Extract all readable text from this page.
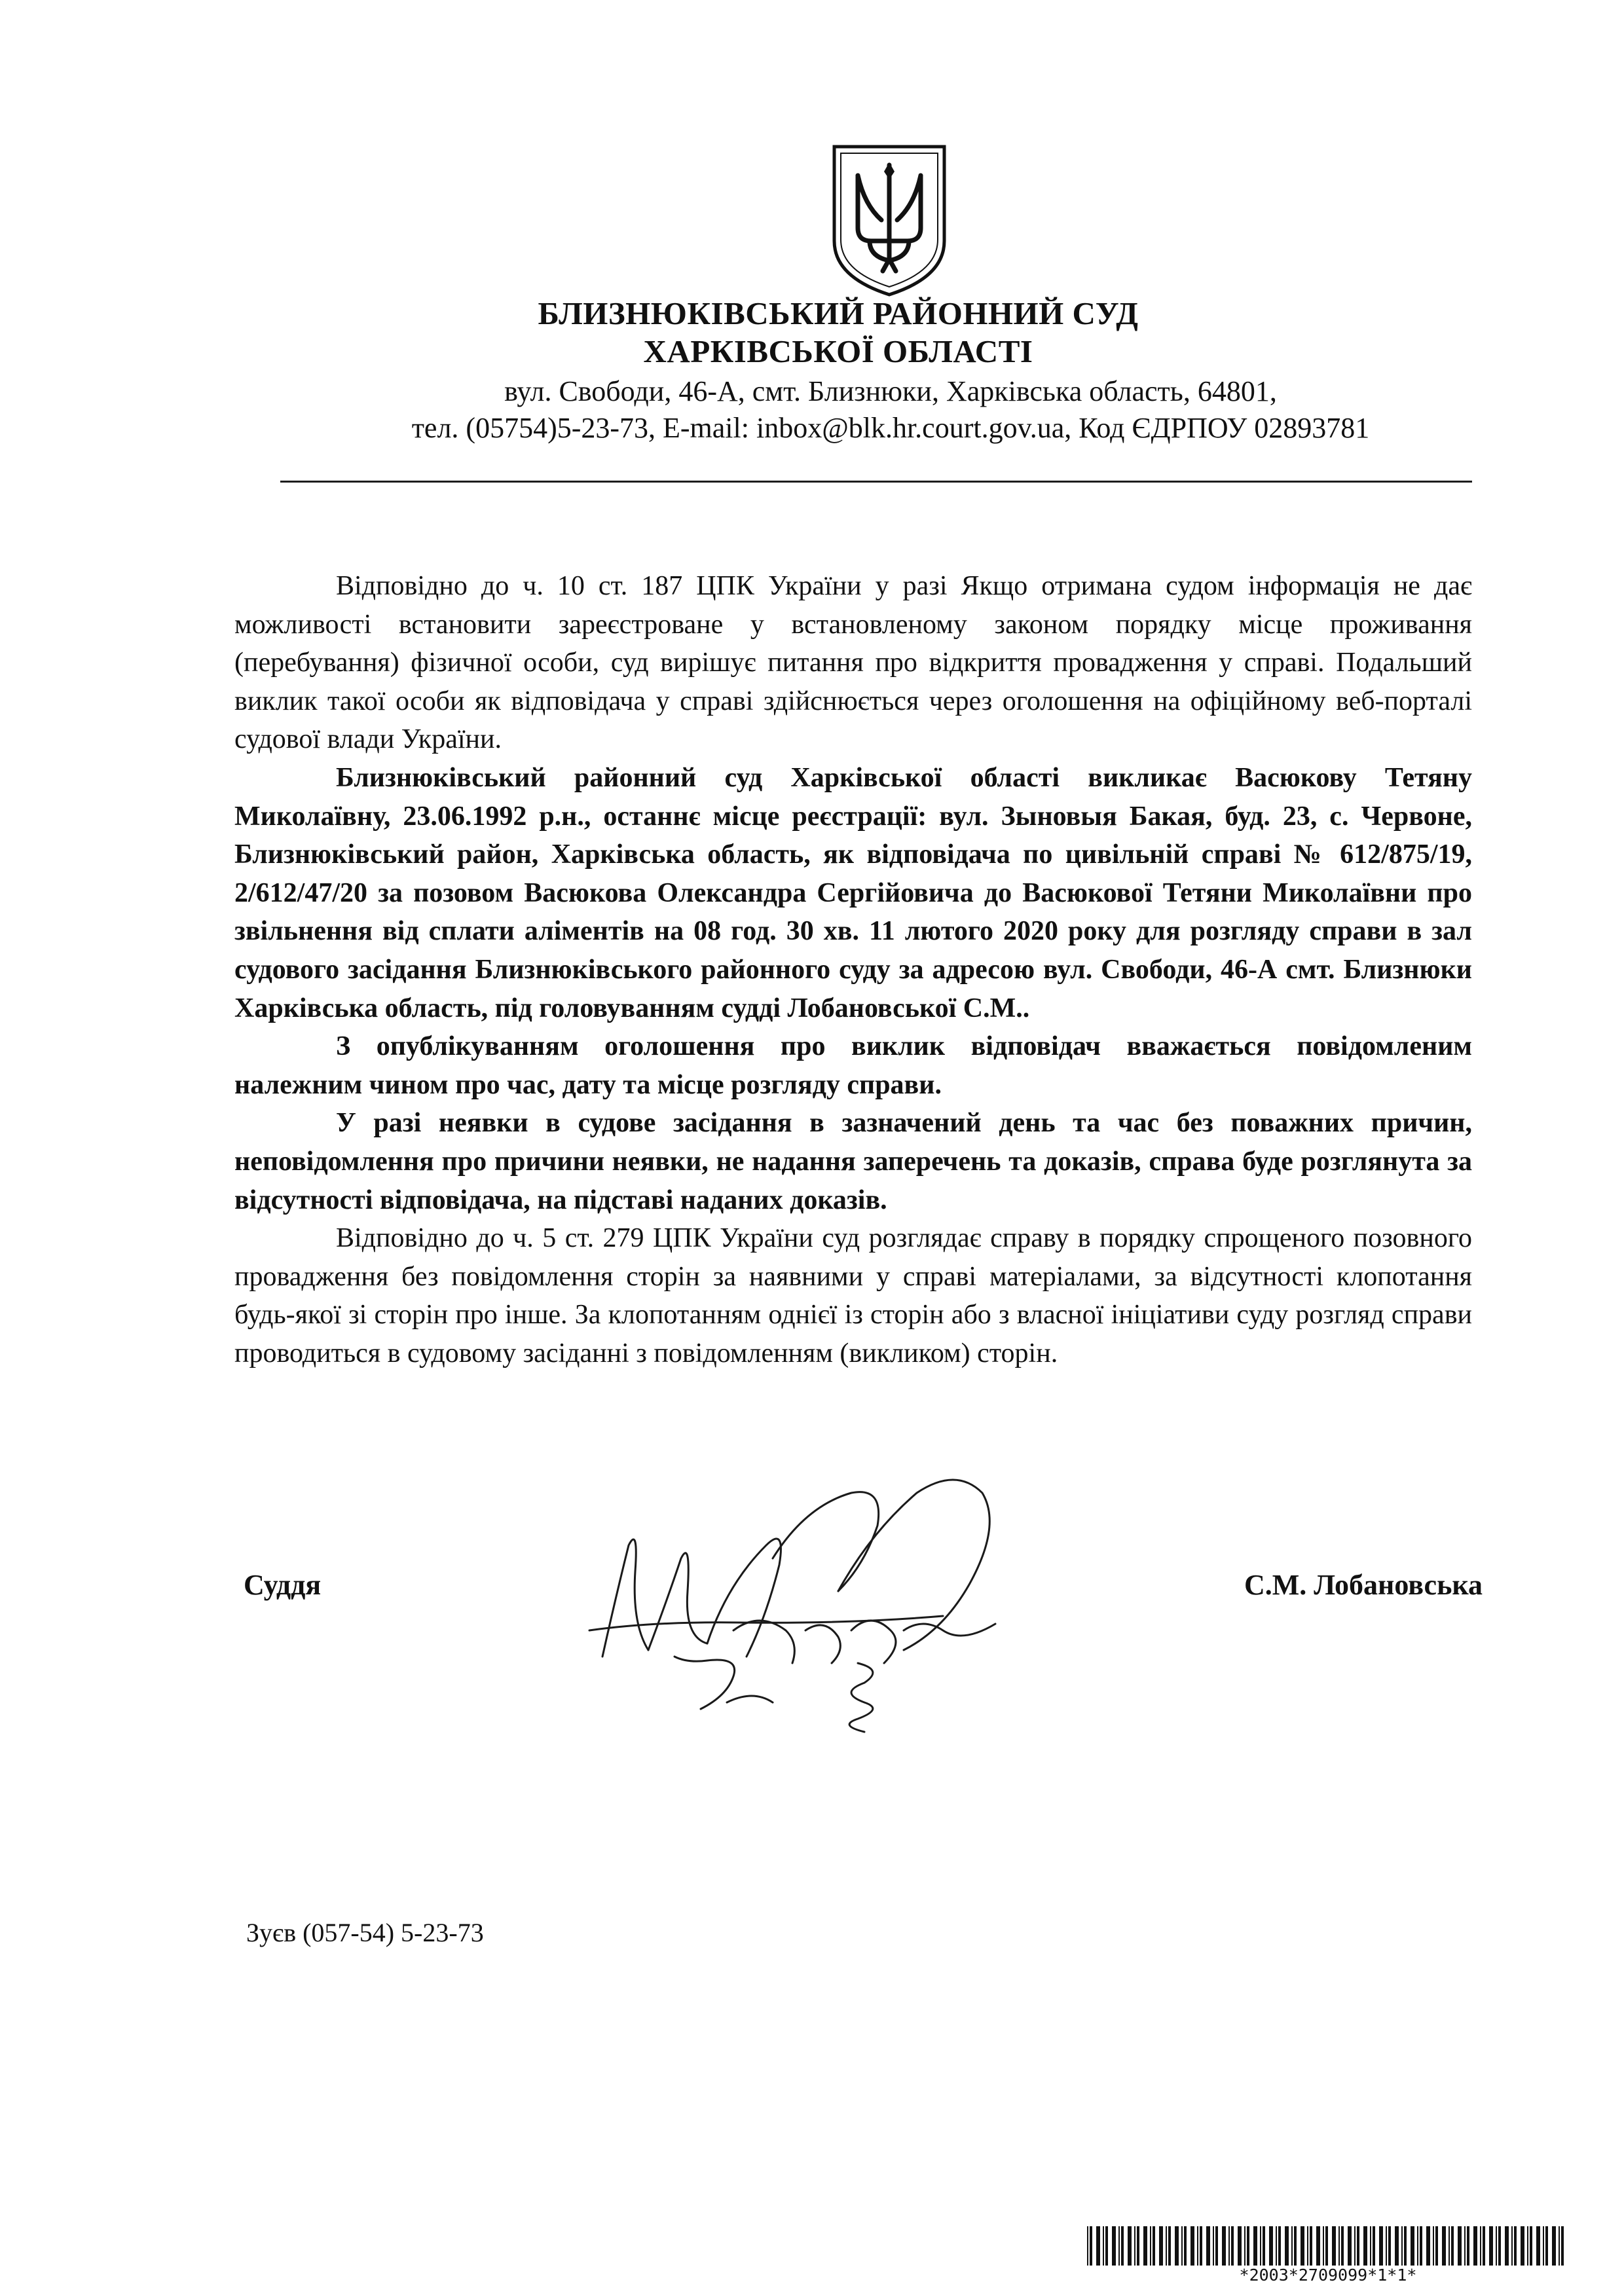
БЛИЗНЮКІВСЬКИЙ РАЙОННИЙ СУД
ХАРКІВСЬКОЇ ОБЛАСТІ
вул. Свободи, 46-А, смт. Близнюки, Харківська область, 64801,
тел. (05754)5-23-73, E-mail: inbox@blk.hr.court.gov.ua, Код ЄДРПОУ 02893781

Відповідно до ч. 10 ст. 187 ЦПК України у разі Якщо отримана судом інформація не дає можливості встановити зареєстроване у встановленому законом порядку місце проживання (перебування) фізичної особи, суд вирішує питання про відкриття провадження у справі. Подальший виклик такої особи як відповідача у справі здійснюється через оголошення на офіційному веб-порталі судової влади України.

Близнюківський районний суд Харківської області викликає Васюкову Тетяну Миколаївну, 23.06.1992 р.н., останнє місце реєстрації: вул. Зыновыя Бакая, буд. 23, с. Червоне, Близнюківський район, Харківська область, як відповідача по цивільній справі № 612/875/19, 2/612/47/20 за позовом Васюкова Олександра Сергійовича до Васюкової Тетяни Миколаївни про звільнення від сплати аліментів на 08 год. 30 хв. 11 лютого 2020 року для розгляду справи в зал судового засідання Близнюківського районного суду за адресою вул. Свободи, 46-А смт. Близнюки Харківська область, під головуванням судді Лобановської С.М..

З опублікуванням оголошення про виклик відповідач вважається повідомленим належним чином про час, дату та місце розгляду справи.

У разі неявки в судове засідання в зазначений день та час без поважних причин, неповідомлення про причини неявки, не надання заперечень та доказів, справа буде розглянута за відсутності відповідача, на підставі наданих доказів.

Відповідно до ч. 5 ст. 279 ЦПК України суд розглядає справу в порядку спрощеного позовного провадження без повідомлення сторін за наявними у справі матеріалами, за відсутності клопотання будь-якої зі сторін про інше. За клопотанням однієї із сторін або з власної ініціативи суду розгляд справи проводиться в судовому засіданні з повідомленням (викликом) сторін.

Суддя	С.М. Лобановська
Зуєв (057-54) 5-23-73
*2003*2709099*1*1*
